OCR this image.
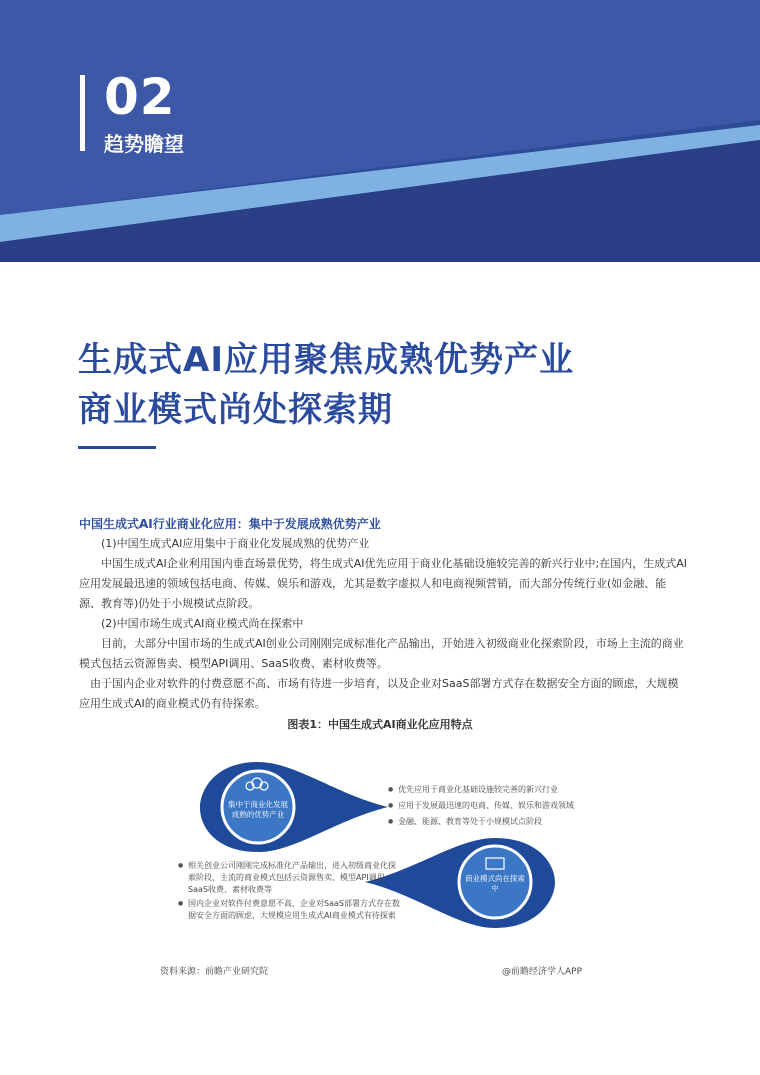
02
趋势瞻望
生成式AI应用聚焦成熟优势产业
商业模式尚处探索期
中国生成式AI行业商业化应用：集中于发展成熟优势产业
(1)中国生成式AI应用集中于商业化发展成熟的优势产业
中国生成式AI企业利用国内垂直场景优势，将生成式AI优先应用于商业化基础设施较完善的新兴行业中;在国内，生成式AI应用发展最迅速的领域包括电商、传媒、娱乐和游戏，尤其是数字虚拟人和电商视频营销，而大部分传统行业(如金融、能源、教育等)仍处于小规模试点阶段。
(2)中国市场生成式AI商业模式尚在探索中
目前，大部分中国市场的生成式AI创业公司刚刚完成标准化产品输出，开始进入初级商业化探索阶段，市场上主流的商业模式包括云资源售卖、模型API调用、SaaS收费、素材收费等。
由于国内企业对软件的付费意愿不高、市场有待进一步培育，以及企业对SaaS部署方式存在数据安全方面的顾虑，大规模应用生成式AI的商业模式仍有待探索。
图表1：中国生成式AI商业化应用特点
集中于商业化发展成熟的优势产业
商业模式尚在探索中
● 优先应用于商业化基础设施较完善的新兴行业
● 应用于发展最迅速的电商、传媒、娱乐和游戏领域
● 金融、能源、教育等处于小规模试点阶段
● 相关创业公司刚刚完成标准化产品输出，进入初级商业化探索阶段，主流的商业模式包括云资源售卖、模型API调用、SaaS收费、素材收费等
● 国内企业对软件付费意愿不高，企业对SaaS部署方式存在数据安全方面的顾虑，大规模应用生成式AI商业模式有待探索
资料来源：前瞻产业研究院	@前瞻经济学人APP
